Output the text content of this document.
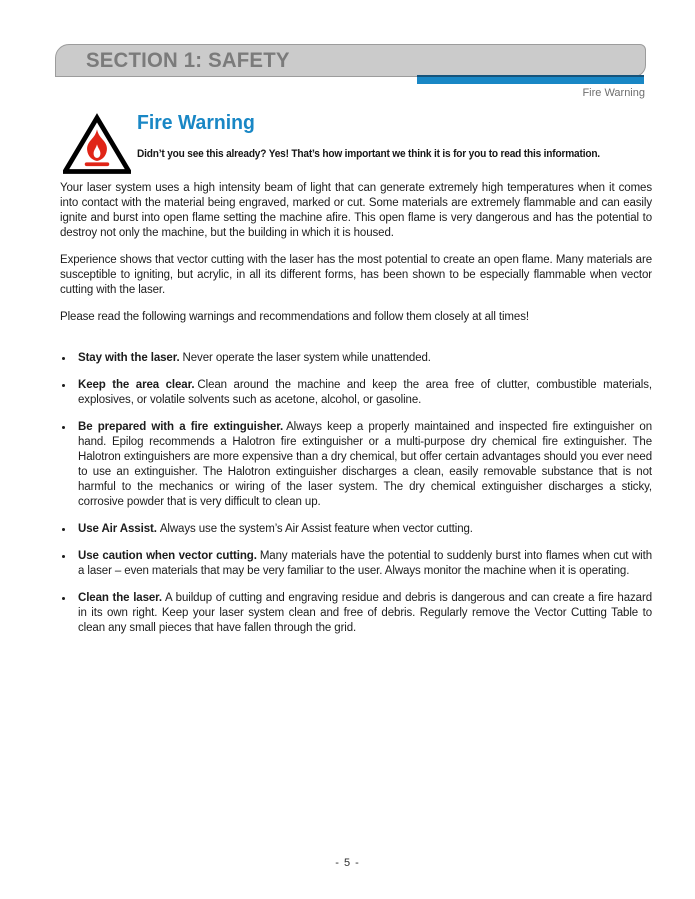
SECTION 1: SAFETY
Fire Warning
Fire Warning

Didn’t you see this already? Yes! That’s how important we think it is for you to read this information.

Your laser system uses a high intensity beam of light that can generate extremely high temperatures when it comes into contact with the material being engraved, marked or cut. Some materials are extremely flammable and can easily ignite and burst into open flame setting the machine afire. This open flame is very dangerous and has the potential to destroy not only the machine, but the building in which it is housed.

Experience shows that vector cutting with the laser has the most potential to create an open flame. Many materials are susceptible to igniting, but acrylic, in all its different forms, has been shown to be especially flammable when vector cutting with the laser.

Please read the following warnings and recommendations and follow them closely at all times!

• Stay with the laser. Never operate the laser system while unattended.
• Keep the area clear. Clean around the machine and keep the area free of clutter, combustible materials, explosives, or volatile solvents such as acetone, alcohol, or gasoline.
• Be prepared with a fire extinguisher. Always keep a properly maintained and inspected fire extinguisher on hand. Epilog recommends a Halotron fire extinguisher or a multi-purpose dry chemical fire extinguisher. The Halotron extinguishers are more expensive than a dry chemical, but offer certain advantages should you ever need to use an extinguisher. The Halotron extinguisher discharges a clean, easily removable substance that is not harmful to the mechanics or wiring of the laser system. The dry chemical extinguisher discharges a sticky, corrosive powder that is very difficult to clean up.
• Use Air Assist. Always use the system’s Air Assist feature when vector cutting.
• Use caution when vector cutting. Many materials have the potential to suddenly burst into flames when cut with a laser – even materials that may be very familiar to the user. Always monitor the machine when it is operating.
• Clean the laser. A buildup of cutting and engraving residue and debris is dangerous and can create a fire hazard in its own right. Keep your laser system clean and free of debris. Regularly remove the Vector Cutting Table to clean any small pieces that have fallen through the grid.
- 5 -
